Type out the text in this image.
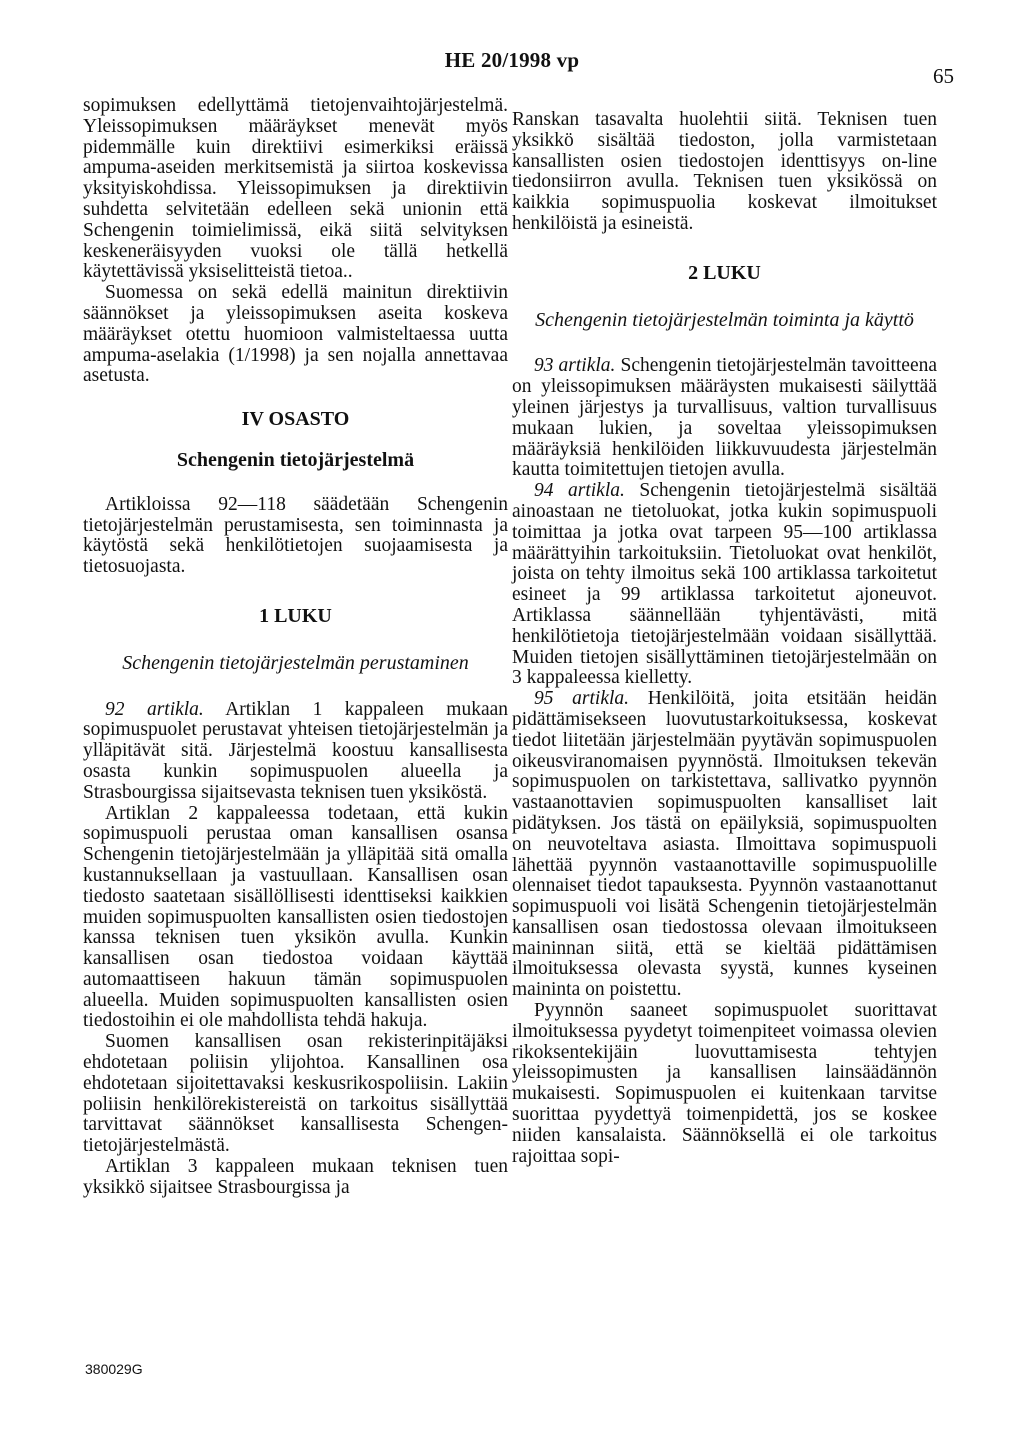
HE 20/1998 vp
65

sopimuksen edellyttämä tietojenvaihtojärjestelmä. Yleissopimuksen määräykset menevät myös pidemmälle kuin direktiivi esimerkiksi eräissä ampuma-aseiden merkitsemistä ja siirtoa koskevissa yksityiskohdissa. Yleissopimuksen ja direktiivin suhdetta selvitetään edelleen sekä unionin että Schengenin toimielimissä, eikä siitä selvityksen keskeneräisyyden vuoksi ole tällä hetkellä käytettävissä yksiselitteistä tietoa..

Suomessa on sekä edellä mainitun direktiivin säännökset ja yleissopimuksen aseita koskeva määräykset otettu huomioon valmisteltaessa uutta ampuma-aselakia (1/1998) ja sen nojalla annettavaa asetusta.

IV OSASTO
Schengenin tietojärjestelmä

Artikloissa 92—118 säädetään Schengenin tietojärjestelmän perustamisesta, sen toiminnasta ja käytöstä sekä henkilötietojen suojaamisesta ja tietosuojasta.

1 LUKU

Schengenin tietojärjestelmän perustaminen

92 artikla. Artiklan 1 kappaleen mukaan sopimuspuolet perustavat yhteisen tietojärjestelmän ja ylläpitävät sitä. Järjestelmä koostuu kansallisesta osasta kunkin sopimuspuolen alueella ja Strasbourgissa sijaitsevasta teknisen tuen yksiköstä.

Artiklan 2 kappaleessa todetaan, että kukin sopimuspuoli perustaa oman kansallisen osansa Schengenin tietojärjestelmään ja ylläpitää sitä omalla kustannuksellaan ja vastuullaan. Kansallisen osan tiedosto saatetaan sisällöllisesti identtiseksi kaikkien muiden sopimuspuolten kansallisten osien tiedostojen kanssa teknisen tuen yksikön avulla. Kunkin kansallisen osan tiedostoa voidaan käyttää automaattiseen hakuun tämän sopimuspuolen alueella. Muiden sopimuspuolten kansallisten osien tiedostoihin ei ole mahdollista tehdä hakuja.

Suomen kansallisen osan rekisterinpitäjäksi ehdotetaan poliisin ylijohtoa. Kansallinen osa ehdotetaan sijoitettavaksi keskusrikospoliisin. Lakiin poliisin henkilörekistereistä on tarkoitus sisällyttää tarvittavat säännökset kansallisesta Schengen-tietojärjestelmästä.

Artiklan 3 kappaleen mukaan teknisen tuen yksikkö sijaitsee Strasbourgissa ja

Ranskan tasavalta huolehtii siitä. Teknisen tuen yksikkö sisältää tiedoston, jolla varmistetaan kansallisten osien tiedostojen identtisyys on-line tiedonsiirron avulla. Teknisen tuen yksikössä on kaikkia sopimuspuolia koskevat ilmoitukset henkilöistä ja esineistä.

2 LUKU

Schengenin tietojärjestelmän toiminta ja käyttö

93 artikla. Schengenin tietojärjestelmän tavoitteena on yleissopimuksen määräysten mukaisesti säilyttää yleinen järjestys ja turvallisuus, valtion turvallisuus mukaan lukien, ja soveltaa yleissopimuksen määräyksiä henkilöiden liikkuvuudesta järjestelmän kautta toimitettujen tietojen avulla.

94 artikla. Schengenin tietojärjestelmä sisältää ainoastaan ne tietoluokat, jotka kukin sopimuspuoli toimittaa ja jotka ovat tarpeen 95—100 artiklassa määrättyihin tarkoituksiin. Tietoluokat ovat henkilöt, joista on tehty ilmoitus sekä 100 artiklassa tarkoitetut esineet ja 99 artiklassa tarkoitetut ajoneuvot. Artiklassa säännellään tyhjentävästi, mitä henkilötietoja tietojärjestelmään voidaan sisällyttää. Muiden tietojen sisällyttäminen tietojärjestelmään on 3 kappaleessa kielletty.

95 artikla. Henkilöitä, joita etsitään heidän pidättämisekseen luovutustarkoituksessa, koskevat tiedot liitetään järjestelmään pyytävän sopimuspuolen oikeusviranomaisen pyynnöstä. Ilmoituksen tekevän sopimuspuolen on tarkistettava, sallivatko pyynnön vastaanottavien sopimuspuolten kansalliset lait pidätyksen. Jos tästä on epäilyksiä, sopimuspuolten on neuvoteltava asiasta. Ilmoittava sopimuspuoli lähettää pyynnön vastaanottaville sopimuspuolille olennaiset tiedot tapauksesta. Pyynnön vastaanottanut sopimuspuoli voi lisätä Schengenin tietojärjestelmän kansallisen osan tiedostossa olevaan ilmoitukseen maininnan siitä, että se kieltää pidättämisen ilmoituksessa olevasta syystä, kunnes kyseinen maininta on poistettu.

Pyynnön saaneet sopimuspuolet suorittavat ilmoituksessa pyydetyt toimenpiteet voimassa olevien rikoksentekijäin luovuttamisesta tehtyjen yleissopimusten ja kansallisen lainsäädännön mukaisesti. Sopimuspuolen ei kuitenkaan tarvitse suorittaa pyydettyä toimenpidettä, jos se koskee niiden kansalaista. Säännöksellä ei ole tarkoitus rajoittaa sopi-

380029G
